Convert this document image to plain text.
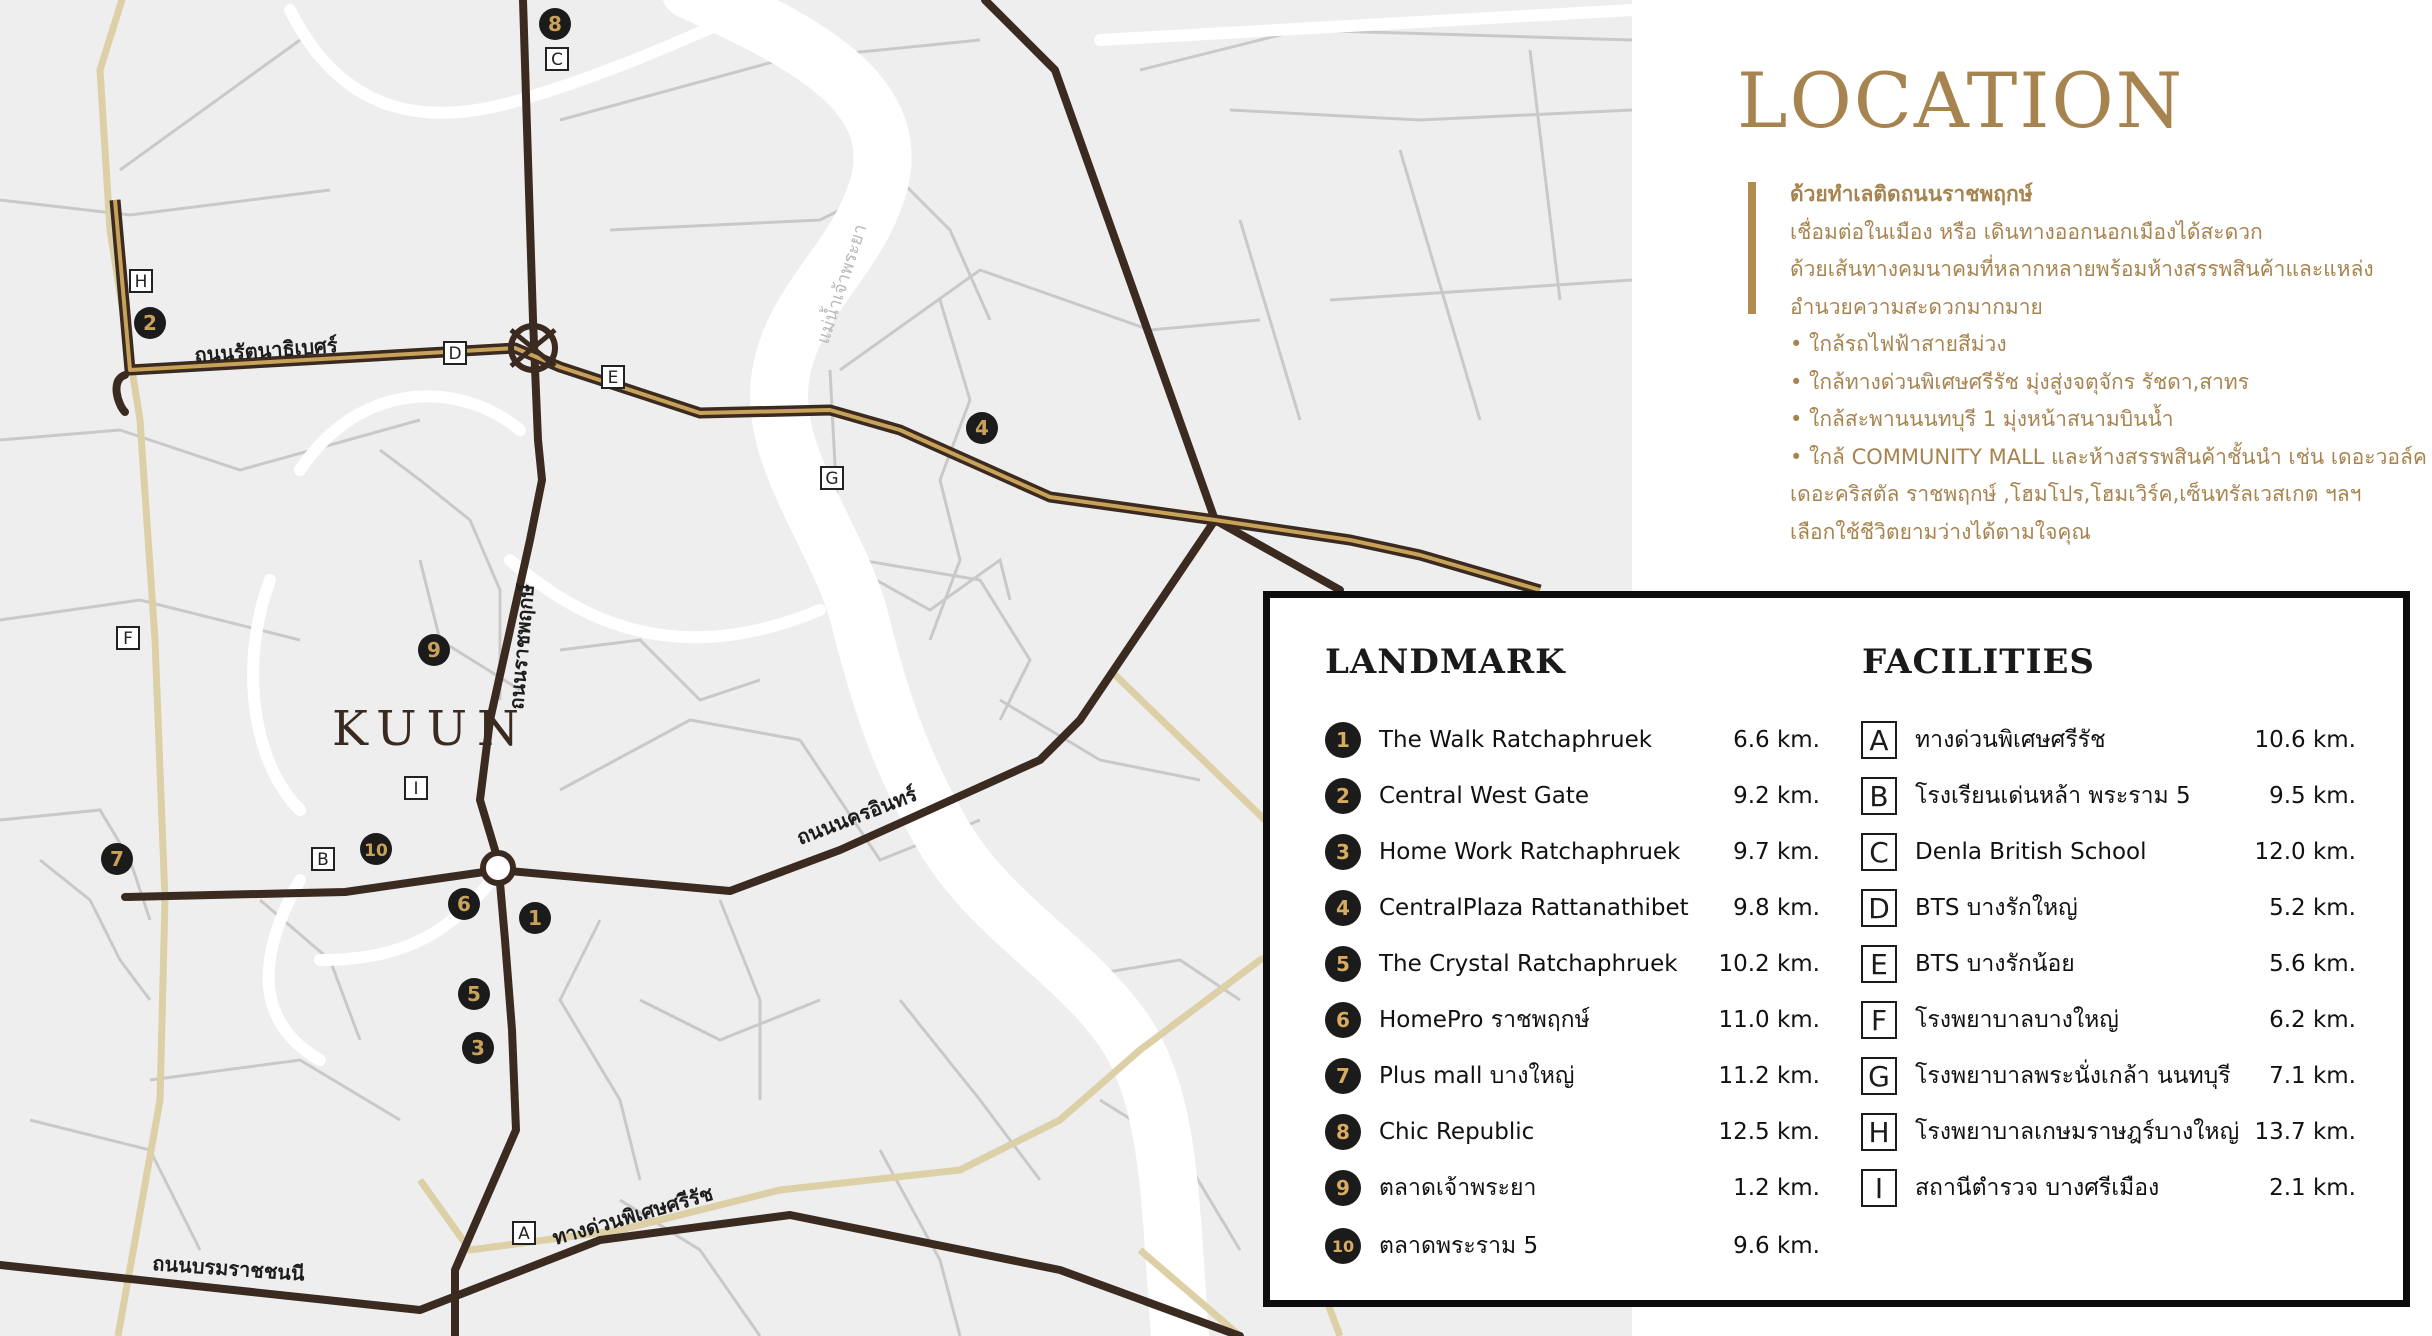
แม่น้ำเจ้าพระยา
ถนนรัตนาธิเบศร์
ถนนราชพฤกษ์
ถนนนครอินทร์
ทางด่วนพิเศษศรีรัช
ถนนบรมราชชนนี
KUUN
8
2
4
9
7	10
6
1
5
3
C
H
D
E
G
F
I
B
A
LOCATION
ด้วยทำเลติดถนนราชพฤกษ์
เชื่อมต่อในเมือง หรือ เดินทางออกนอกเมืองได้สะดวก
ด้วยเส้นทางคมนาคมที่หลากหลายพร้อมห้างสรรพสินค้าและแหล่ง
อำนวยความสะดวกมากมาย
• ใกล้รถไฟฟ้าสายสีม่วง
• ใกล้ทางด่วนพิเศษศรีรัช มุ่งสู่งจตุจักร รัชดา,สาทร
• ใกล้สะพานนนทบุรี 1 มุ่งหน้าสนามบินน้ำ
• ใกล้ COMMUNITY MALL และห้างสรรพสินค้าชั้นนำ เช่น เดอะวอล์ค
เดอะคริสตัล ราชพฤกษ์ ,โฮมโปร,โฮมเวิร์ค,เซ็นทรัลเวสเกต ฯลฯ
เลือกใช้ชีวิตยามว่างได้ตามใจคุณ
LANDMARK	FACILITIES
1	The Walk Ratchaphruek	6.6 km.
2	Central West Gate	9.2 km.
3	Home Work Ratchaphruek	9.7 km.
4	CentralPlaza Rattanathibet	9.8 km.
5	The Crystal Ratchaphruek	10.2 km.
6	HomePro ราชพฤกษ์	11.0 km.
7	Plus mall บางใหญ่	11.2 km.
8	Chic Republic	12.5 km.
9	ตลาดเจ้าพระยา	1.2 km.
10 ตลาดพระราม 5	9.6 km.
A	ทางด่วนพิเศษศรีรัช	10.6 km.
B	โรงเรียนเด่นหล้า พระราม 5	9.5 km.
C	Denla British School	12.0 km.
D	BTS บางรักใหญ่	5.2 km.
E	BTS บางรักน้อย	5.6 km.
F	โรงพยาบาลบางใหญ่	6.2 km.
G	โรงพยาบาลพระนั่งเกล้า นนทบุรี	7.1 km.
H	โรงพยาบาลเกษมราษฎร์บางใหญ่ 13.7 km.
I	สถานีตำรวจ บางศรีเมือง	2.1 km.
